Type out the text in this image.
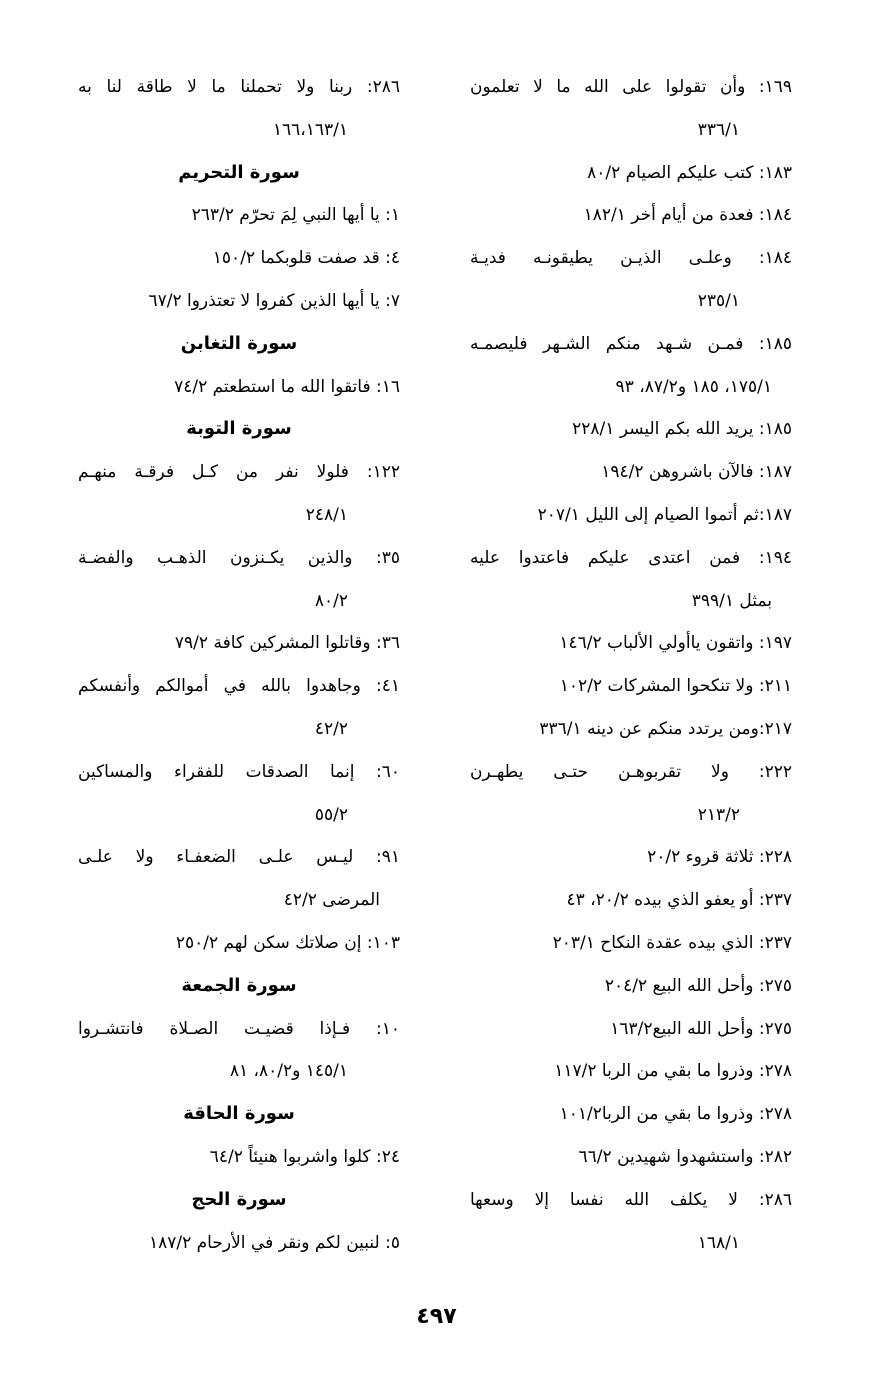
١٦٩: وأن تقولوا على الله ما لا تعلمون
٣٣٦/١
١٨٣: كتب عليكم الصيام ٨٠/٢
١٨٤: فعدة من أيام أخر ١٨٢/١
١٨٤: وعلـى الذيـن يطيقونـه فديـة
٢٣٥/١
١٨٥: فمـن شـهد منكم الشـهر فليصمـه
١٧٥/١، ١٨٥ و٨٧/٢، ٩٣
١٨٥: يريد الله بكم اليسر ٢٢٨/١
١٨٧: فالآن باشروهن ١٩٤/٢
١٨٧:ثم أتموا الصيام إلى الليل ٢٠٧/١
١٩٤: فمن اعتدى عليكم فاعتدوا عليه
بمثل ٣٩٩/١
١٩٧: واتقون ياأولي الألباب ١٤٦/٢
٢١١: ولا تنكحوا المشركات ١٠٢/٢
٢١٧:ومن يرتدد منكم عن دينه ٣٣٦/١
٢٢٢: ولا تقربوهـن حتـى يطهـرن
٢١٣/٢
٢٢٨: ثلاثة قروء ٢٠/٢
٢٣٧: أو يعفو الذي بيده ٢٠/٢، ٤٣
٢٣٧: الذي بيده عقدة النكاح ٢٠٣/١
٢٧٥: وأحل الله البيع ٢٠٤/٢
٢٧٥: وأحل الله البيع١٦٣/٢
٢٧٨: وذروا ما بقي من الربا ١١٧/٢
٢٧٨: وذروا ما بقي من الربا١٠١/٢
٢٨٢: واستشهدوا شهيدين ٦٦/٢
٢٨٦: لا يكلف الله نفسا إلا وسعها
١٦٨/١
٢٨٦: ربنا ولا تحملنا ما لا طاقة لنا به
١٦٦،١٦٣/١
سورة التحريم
١: يا أيها النبي لِمَ تحرّم ٢٦٣/٢
٤: قد صفت قلوبكما ١٥٠/٢
٧: يا أيها الذين كفروا لا تعتذروا ٦٧/٢
سورة التغابن
١٦: فاتقوا الله ما استطعتم ٧٤/٢
سورة التوبة
١٢٢: فلولا نفر من كـل فرقـة منهـم
٢٤٨/١
٣٥: والذين يكـنزون الذهـب والفضـة
٨٠/٢
٣٦: وقاتلوا المشركين كافة ٧٩/٢
٤١: وجاهدوا بالله في أموالكم وأنفسكم
٤٢/٢
٦٠: إنما الصدقات للفقراء والمساكين
٥٥/٢
٩١: ليـس علـى الضعفـاء ولا علـى
المرضى ٤٢/٢
١٠٣: إن صلاتك سكن لهم ٢٥٠/٢
سورة الجمعة
١٠: فـإذا قضيـت الصـلاة فانتشـروا
١٤٥/١ و٨٠/٢، ٨١
سورة الحاقة
٢٤: كلوا واشربوا هنيئاً ٦٤/٢
سورة الحج
٥: لنبين لكم ونقر في الأرحام ١٨٧/٢
٤٩٧
